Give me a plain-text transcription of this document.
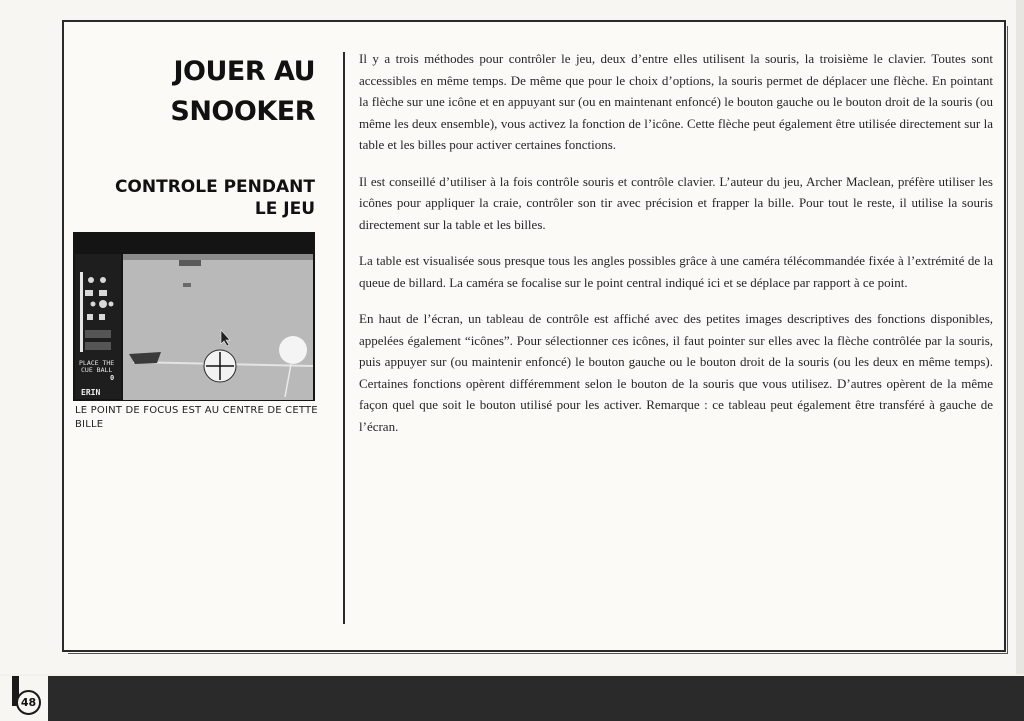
JOUER AU
SNOOKER
CONTROLE PENDANT
LE JEU
PLACE THE
CUE BALL
0
ERIN

LE POINT DE FOCUS EST AU CENTRE DE CETTE BILLE

Il y a trois méthodes pour contrôler le jeu, deux d’entre elles utilisent la souris, la troisième le clavier. Toutes sont accessibles en même temps. De même que pour le choix d’options, la souris permet de déplacer une flèche. En pointant la flèche sur une icône et en appuyant sur (ou en maintenant enfoncé) le bouton gauche ou le bouton droit de la souris (ou même les deux ensemble), vous activez la fonction de l’icône. Cette flèche peut également être utilisée directement sur la table et les billes pour activer certaines fonctions.

Il est conseillé d’utiliser à la fois contrôle souris et contrôle clavier. L’auteur du jeu, Archer Maclean, préfère utiliser les icônes pour appliquer la craie, contrôler son tir avec précision et frapper la bille. Pour tout le reste, il utilise la souris directement sur la table et les billes.

La table est visualisée sous presque tous les angles possibles grâce à une caméra télécommandée fixée à l’extrémité de la queue de billard. La caméra se focalise sur le point central indiqué ici et se déplace par rapport à ce point.

En haut de l’écran, un tableau de contrôle est affiché avec des petites images descriptives des fonctions disponibles, appelées également “icônes”. Pour sélectionner ces icônes, il faut pointer sur elles avec la flèche contrôlée par la souris, puis appuyer sur (ou maintenir enfoncé) le bouton gauche ou le bouton droit de la souris (ou les deux en même temps). Certaines fonctions opèrent différemment selon le bouton de la souris que vous utilisez. D’autres opèrent de la même façon quel que soit le bouton utilisé pour les activer. Remarque : ce tableau peut également être transféré à gauche de l’écran.

48
